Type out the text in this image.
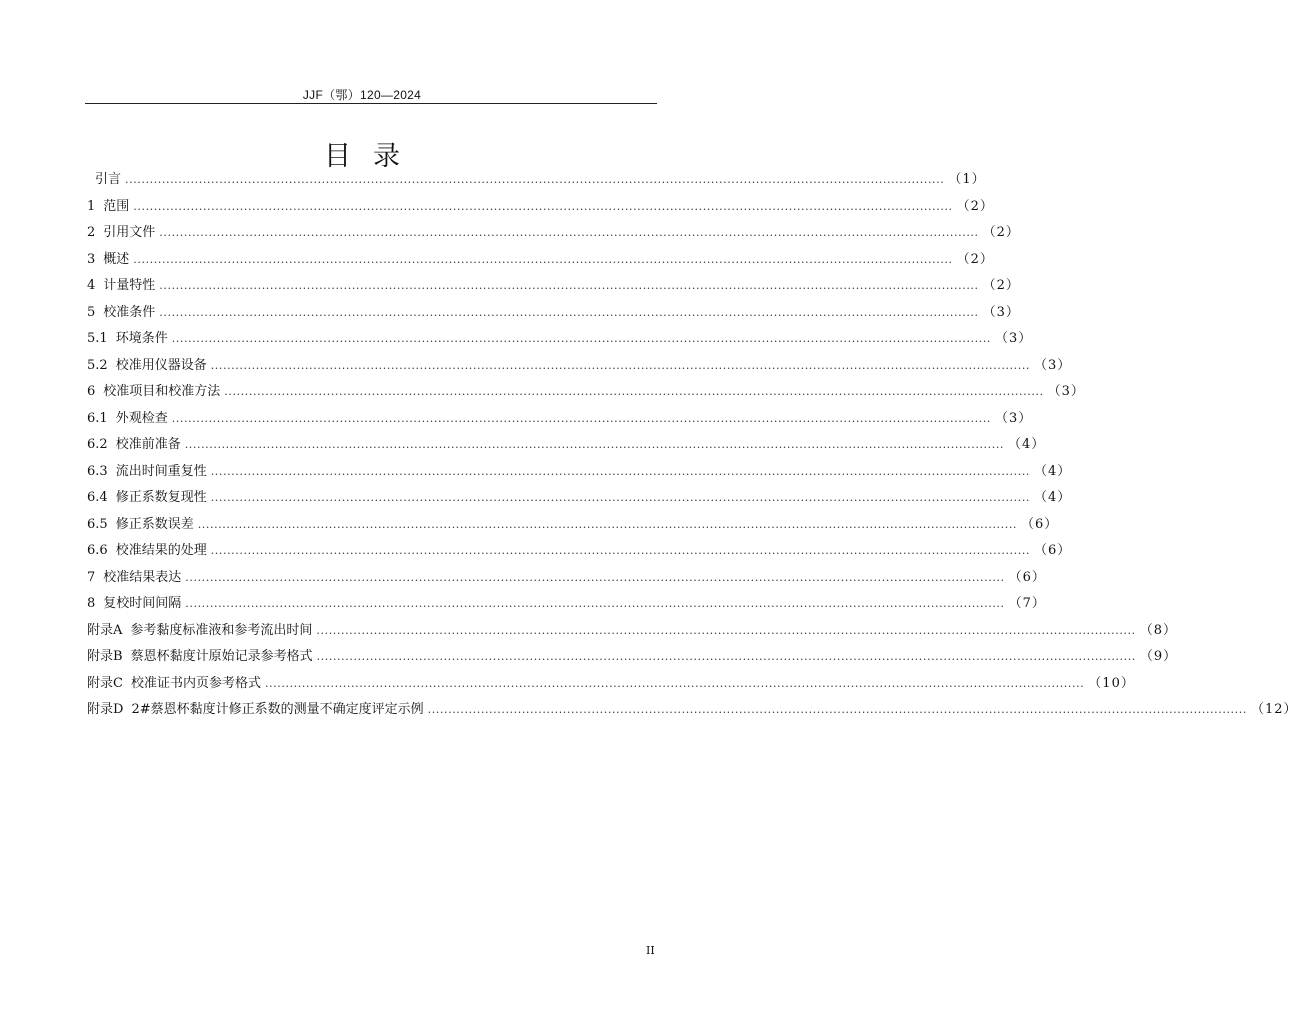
JJF（鄂）120—2024
目录
引言 ........................................................................................................................................................................................................ （1）
1 范围 ........................................................................................................................................................................................................ （2）
2 引用文件 ........................................................................................................................................................................................................ （2）
3 概述 ........................................................................................................................................................................................................ （2）
4 计量特性 ........................................................................................................................................................................................................ （2）
5 校准条件 ........................................................................................................................................................................................................ （3）
5.1 环境条件 ........................................................................................................................................................................................................ （3）
5.2 校准用仪器设备 ........................................................................................................................................................................................................ （3）
6 校准项目和校准方法 ........................................................................................................................................................................................................ （3）
6.1 外观检查 ........................................................................................................................................................................................................ （3）
6.2 校准前准备 ........................................................................................................................................................................................................ （4）
6.3 流出时间重复性 ........................................................................................................................................................................................................ （4）
6.4 修正系数复现性 ........................................................................................................................................................................................................ （4）
6.5 修正系数误差 ........................................................................................................................................................................................................ （6）
6.6 校准结果的处理 ........................................................................................................................................................................................................ （6）
7 校准结果表达 ........................................................................................................................................................................................................ （6）
8 复校时间间隔 ........................................................................................................................................................................................................ （7）
附录A 参考黏度标准液和参考流出时间 ........................................................................................................................................................................................................ （8）
附录B 蔡恩杯黏度计原始记录参考格式 ........................................................................................................................................................................................................ （9）
附录C 校准证书内页参考格式 ........................................................................................................................................................................................................ （10）
附录D 2#蔡恩杯黏度计修正系数的测量不确定度评定示例 ........................................................................................................................................................................................................ （12）
II
